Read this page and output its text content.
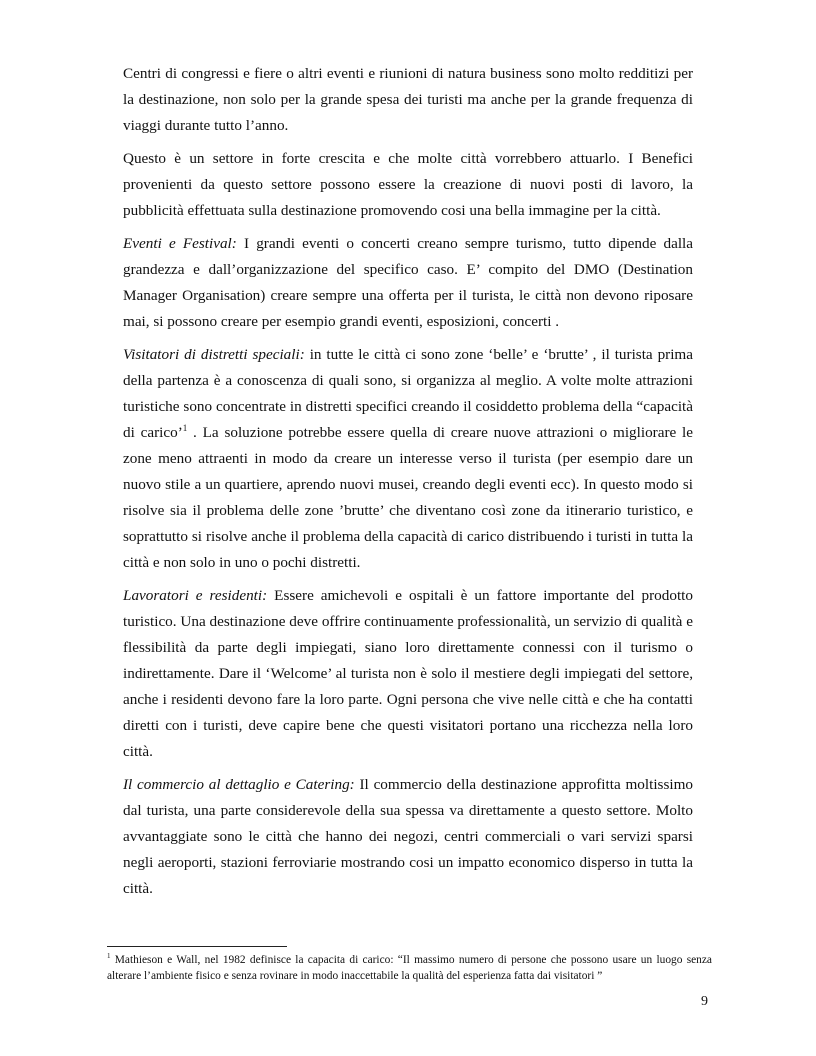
Centri di congressi e fiere o altri eventi e riunioni di natura business sono molto redditizi per la destinazione, non solo per la grande spesa dei turisti ma anche per la grande frequenza di viaggi durante tutto l’anno.

Questo è un settore in forte crescita e che molte città vorrebbero attuarlo. I Benefici provenienti da questo settore possono essere la creazione di nuovi posti di lavoro, la pubblicità effettuata sulla destinazione promovendo cosi una bella immagine per la città.

Eventi e Festival: I grandi eventi o concerti creano sempre turismo, tutto dipende dalla grandezza e dall’organizzazione del specifico caso. E’ compito del DMO (Destination Manager Organisation) creare sempre una offerta per il turista, le città non devono riposare mai, si possono creare per esempio grandi eventi, esposizioni, concerti .

Visitatori di distretti speciali: in tutte le città ci sono zone ‘belle’ e ‘brutte’ , il turista prima della partenza è a conoscenza di quali sono, si organizza al meglio. A volte molte attrazioni turistiche sono concentrate in distretti specifici creando il cosiddetto problema della “capacità di carico’$^1$ . La soluzione potrebbe essere quella di creare nuove attrazioni o migliorare le zone meno attraenti in modo da creare un interesse verso il turista (per esempio dare un nuovo stile a un quartiere, aprendo nuovi musei, creando degli eventi ecc). In questo modo si risolve sia il problema delle zone ’brutte’ che diventano così zone da itinerario turistico, e soprattutto si risolve anche il problema della capacità di carico distribuendo i turisti in tutta la città e non solo in uno o pochi distretti.

Lavoratori e residenti: Essere amichevoli e ospitali è un fattore importante del prodotto turistico. Una destinazione deve offrire continuamente professionalità, un servizio di qualità e flessibilità da parte degli impiegati, siano loro direttamente connessi con il turismo o indirettamente. Dare il ‘Welcome’ al turista non è solo il mestiere degli impiegati del settore, anche i residenti devono fare la loro parte. Ogni persona che vive nelle città e che ha contatti diretti con i turisti, deve capire bene che questi visitatori portano una ricchezza nella loro città.

Il commercio al dettaglio e Catering: Il commercio della destinazione approfitta moltissimo dal turista, una parte considerevole della sua spessa va direttamente a questo settore. Molto avvantaggiate sono le città che hanno dei negozi, centri commerciali o vari servizi sparsi negli aeroporti, stazioni ferroviarie mostrando cosi un impatto economico disperso in tutta la città.

$^1$ Mathieson e Wall, nel 1982 definisce la capacita di carico: “Il massimo numero di persone che possono usare un luogo senza alterare l’ambiente fisico e senza rovinare in modo inaccettabile la qualità del esperienza fatta dai visitatori ”
9
